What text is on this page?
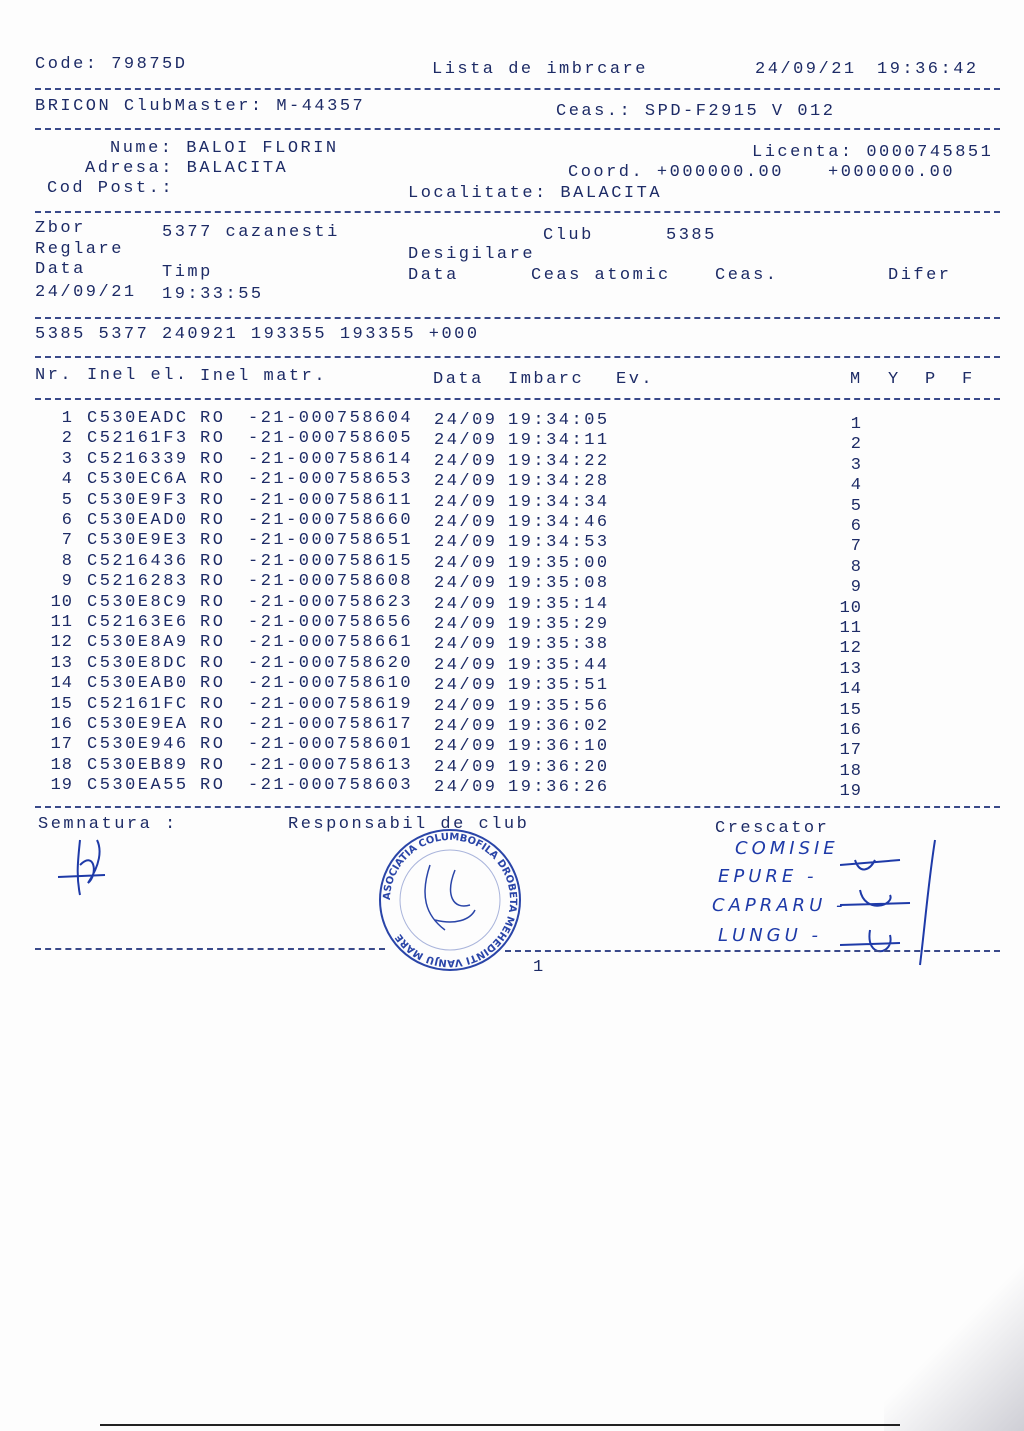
Code: 79875D	Lista de imbrcare	24/09/21 19:36:42
BRICON ClubMaster: M-44357	Ceas.: SPD-F2915 V 012
Nume: BALOI FLORIN
Adresa: BALACITA
Cod Post.:
Licenta: 0000745851
Coord. +000000.00	+000000.00
Localitate: BALACITA
Zbor	5377 cazanesti	Club	5385
Reglare	Desigilare
Data	Timp	Data	Ceas atomic	Ceas.	Difer
24/09/21 19:33:55
5385 5377 240921 193355 193355 +000
Nr. Inel el. Inel matr.	Data Imbarc Ev.	M Y P F
1 C530EADC RO -21-000758604 24/09 19:34:05	1
2 C52161F3 RO -21-000758605 24/09 19:34:11	2
3 C5216339 RO -21-000758614 24/09 19:34:22	3
4 C530EC6A RO -21-000758653 24/09 19:34:28	4
5 C530E9F3 RO -21-000758611 24/09 19:34:34	5
6 C530EAD0 RO -21-000758660 24/09 19:34:46	6
7 C530E9E3 RO -21-000758651 24/09 19:34:53	7
8 C5216436 RO -21-000758615 24/09 19:35:00	8
9 C5216283 RO -21-000758608 24/09 19:35:08	9
10 C530E8C9 RO -21-000758623 24/09 19:35:14	10
11 C52163E6 RO -21-000758656 24/09 19:35:29	11
12 C530E8A9 RO -21-000758661 24/09 19:35:38	12
13 C530E8DC RO -21-000758620 24/09 19:35:44	13
14 C530EAB0 RO -21-000758610 24/09 19:35:51	14
15 C52161FC RO -21-000758619 24/09 19:35:56	15
16 C530E9EA RO -21-000758617 24/09 19:36:02	16
17 C530E946 RO -21-000758601 24/09 19:36:10	17
18 C530EB89 RO -21-000758613 24/09 19:36:20	18
19 C530EA55 RO -21-000758603 24/09 19:36:26	19
Semnatura :	Responsabil de club	Crescator
ASOCIATIA COLUMBOFILA DROBETA MEHEDINTI VANJU MARE
COMISIE
EPURE -
CAPRARU -
LUNGU -
1
